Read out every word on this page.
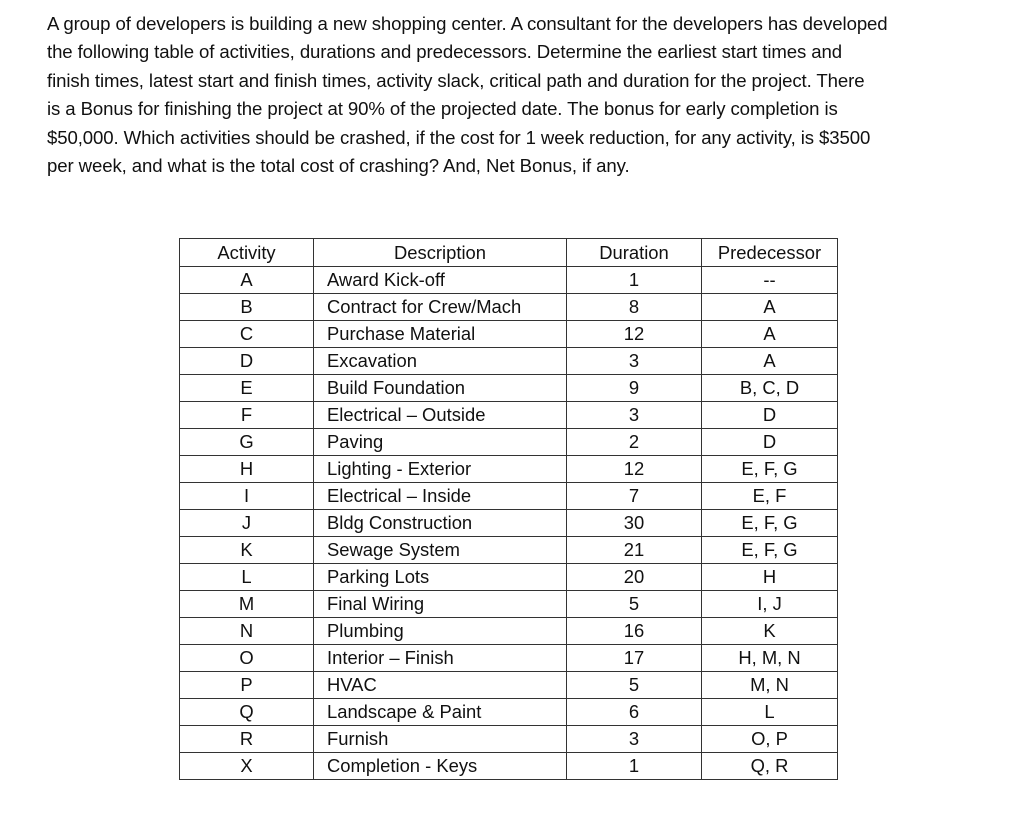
A group of developers is building a new shopping center. A consultant for the developers has developed

the following table of activities, durations and predecessors. Determine the earliest start times and

finish times, latest start and finish times, activity slack, critical path and duration for the project. There

is a Bonus for finishing the project at 90% of the projected date. The bonus for early completion is

$50,000. Which activities should be crashed, if the cost for 1 week reduction, for any activity, is $3500

per week, and what is the total cost of crashing? And, Net Bonus, if any.

Activity	Description	Duration	Predecessor
A	Award Kick-off	1	--
B	Contract for Crew/Mach	8	A
C	Purchase Material	12	A
D	Excavation	3	A
E	Build Foundation	9	B, C, D
F	Electrical – Outside	3	D
G	Paving	2	D
H	Lighting - Exterior	12	E, F, G
I	Electrical – Inside	7	E, F
J	Bldg Construction	30	E, F, G
K	Sewage System	21	E, F, G
L	Parking Lots	20	H
M	Final Wiring	5	I, J
N	Plumbing	16	K
O	Interior – Finish	17	H, M, N
P	HVAC	5	M, N
Q	Landscape & Paint	6	L
R	Furnish	3	O, P
X	Completion - Keys	1	Q, R
